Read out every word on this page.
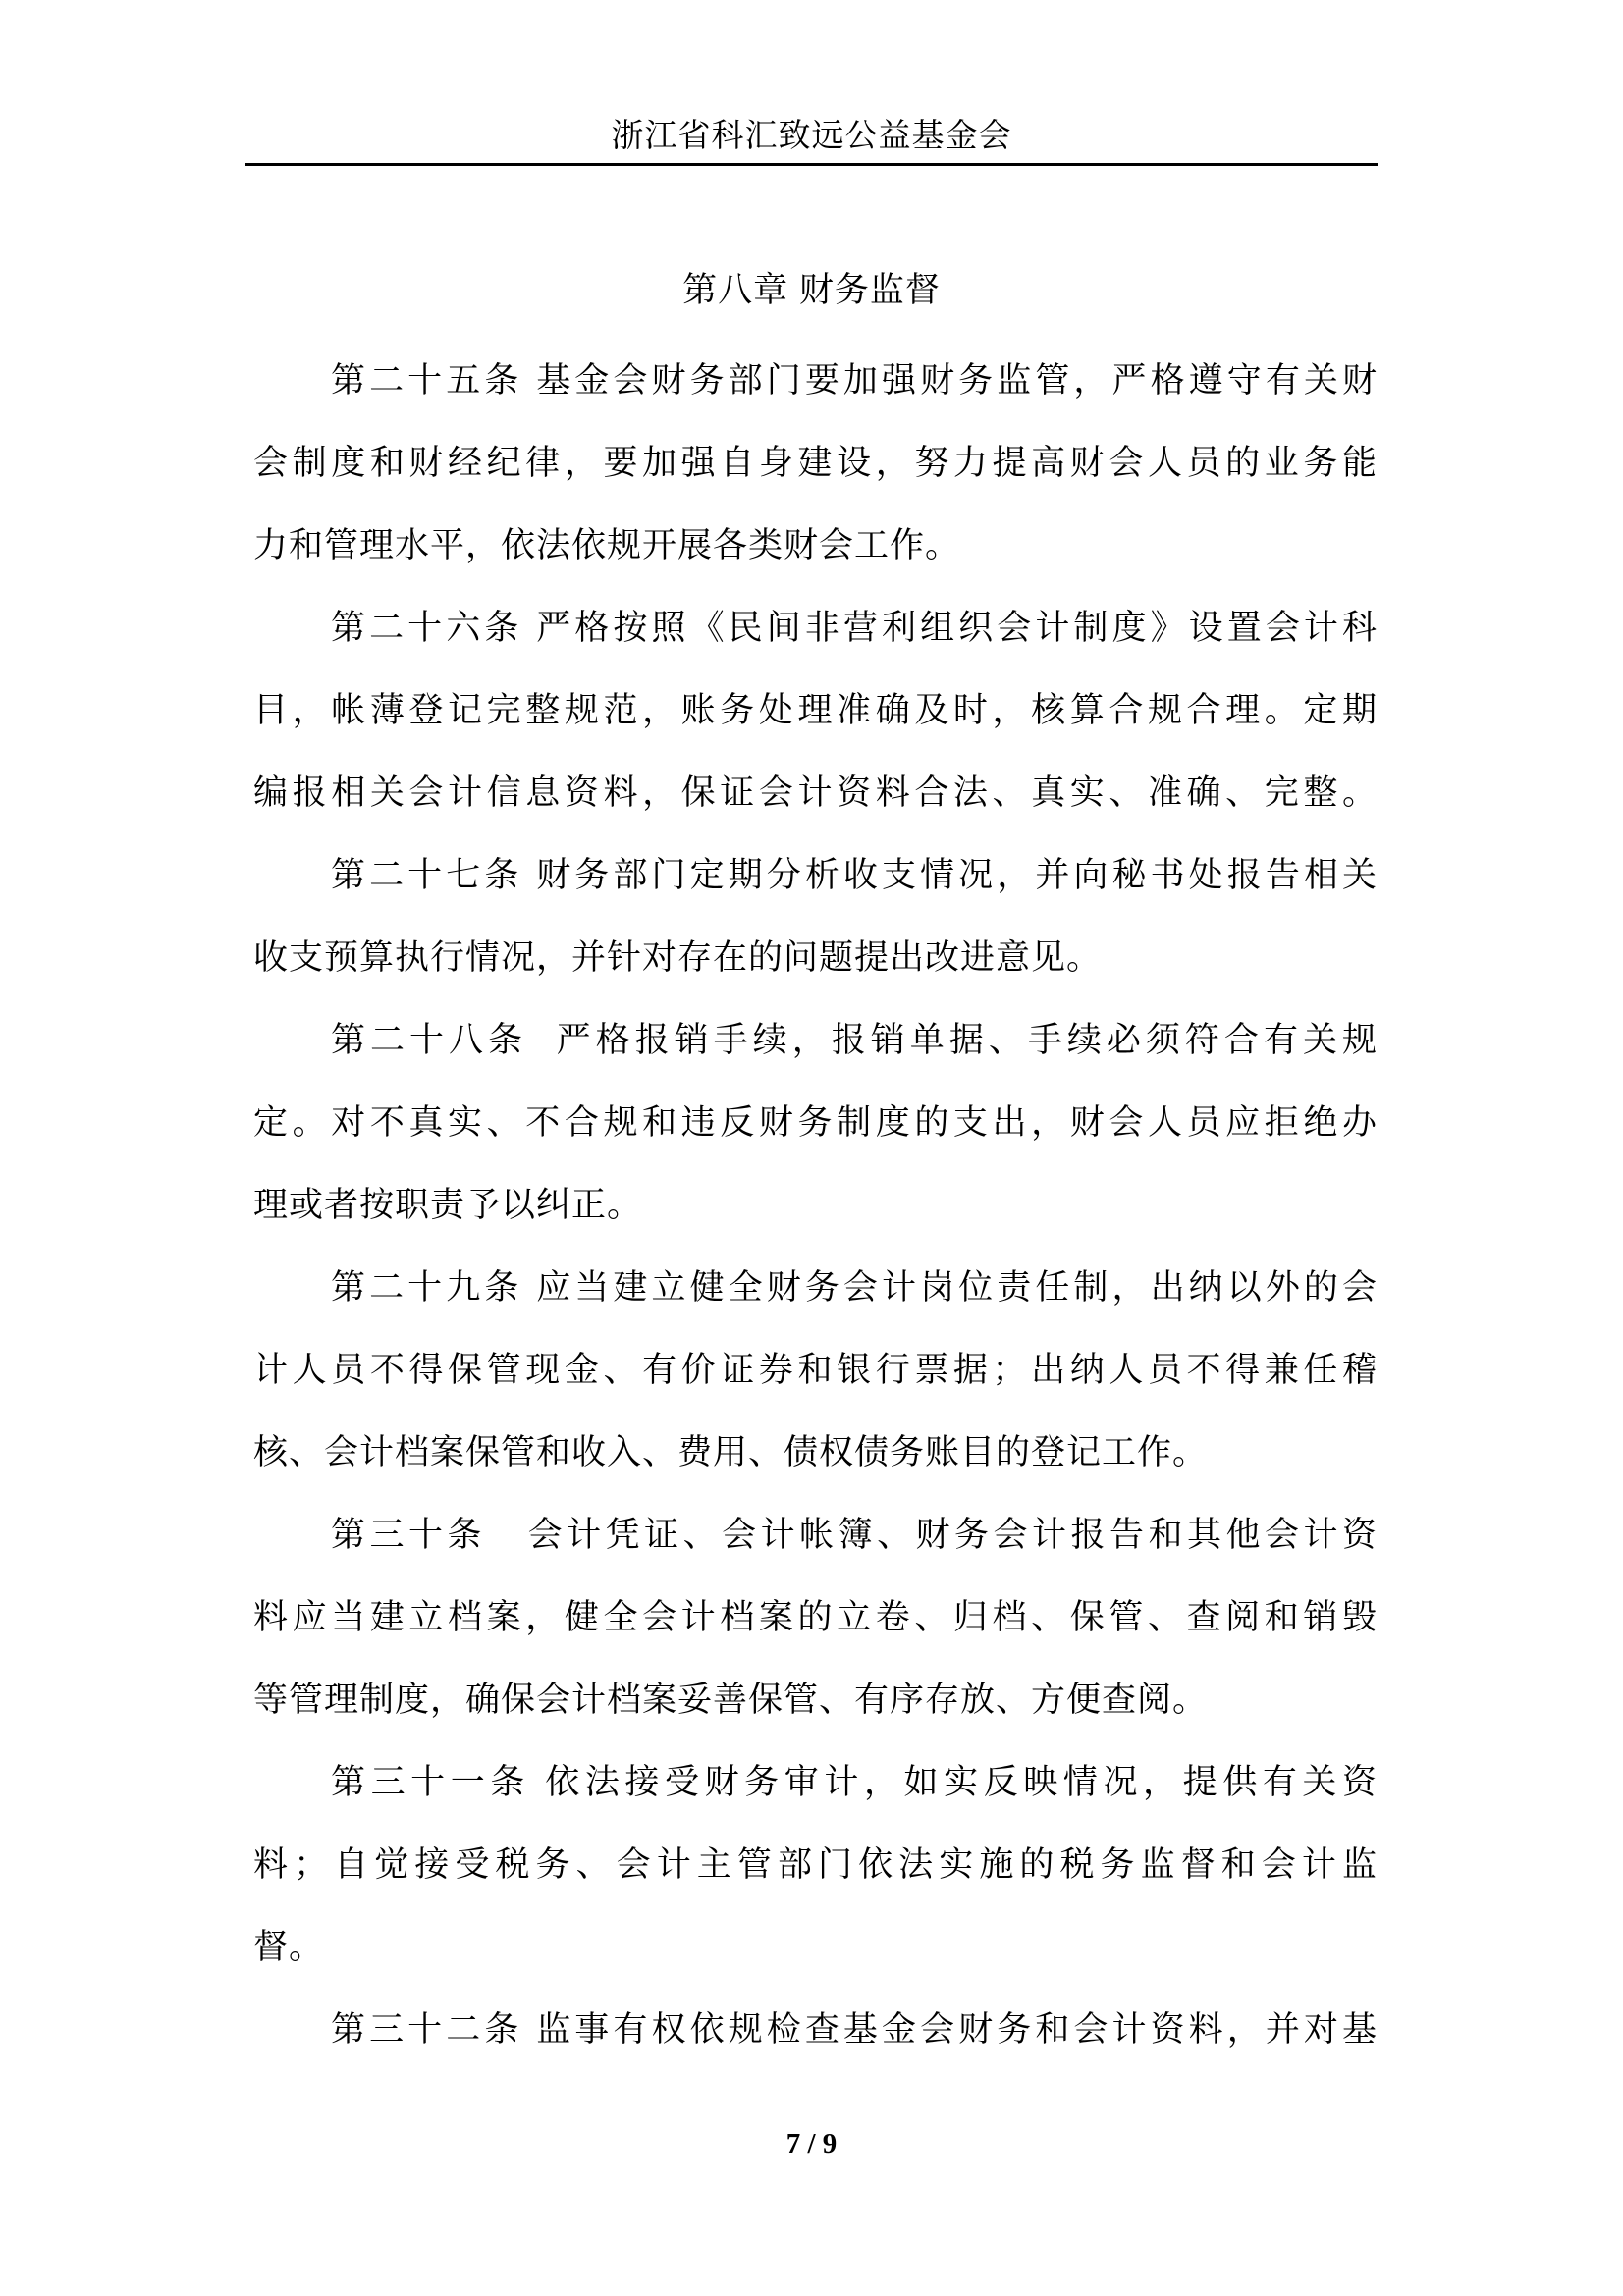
浙江省科汇致远公益基金会
第八章 财务监督
第二十五条 基金会财务部门要加强财务监管，严格遵守有关财
会制度和财经纪律，要加强自身建设，努力提高财会人员的业务能
力和管理水平，依法依规开展各类财会工作。
第二十六条 严格按照《民间非营利组织会计制度》设置会计科
目，帐薄登记完整规范，账务处理准确及时，核算合规合理。定期
编报相关会计信息资料，保证会计资料合法、真实、准确、完整。
第二十七条 财务部门定期分析收支情况，并向秘书处报告相关
收支预算执行情况，并针对存在的问题提出改进意见。
第二十八条  严格报销手续，报销单据、手续必须符合有关规
定。对不真实、不合规和违反财务制度的支出，财会人员应拒绝办
理或者按职责予以纠正。
第二十九条 应当建立健全财务会计岗位责任制，出纳以外的会
计人员不得保管现金、有价证券和银行票据；出纳人员不得兼任稽
核、会计档案保管和收入、费用、债权债务账目的登记工作。
第三十条   会计凭证、会计帐簿、财务会计报告和其他会计资
料应当建立档案，健全会计档案的立卷、归档、保管、查阅和销毁
等管理制度，确保会计档案妥善保管、有序存放、方便查阅。
第三十一条 依法接受财务审计，如实反映情况，提供有关资
料；自觉接受税务、会计主管部门依法实施的税务监督和会计监
督。
第三十二条 监事有权依规检查基金会财务和会计资料，并对基
7 / 9
